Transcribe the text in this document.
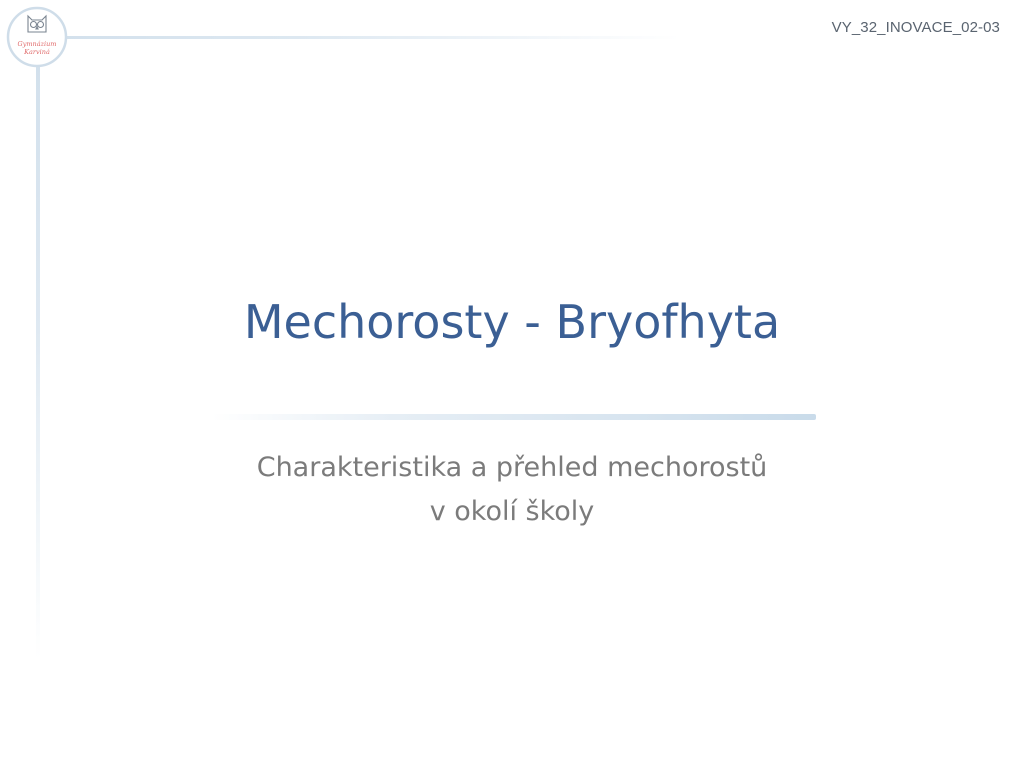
Gymnázium
Karviná
VY_32_INOVACE_02-03
Mechorosty - Bryofhyta
Charakteristika a přehled mechorostů
v okolí školy
